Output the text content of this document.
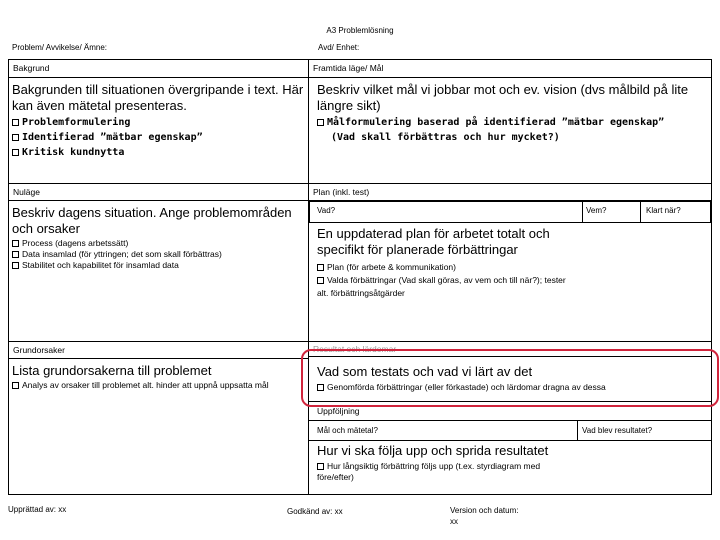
A3 Problemlösning
Problem/ Avvikelse/ Ämne:	Avd/ Enhet:
Bakgrund
Bakgrunden till situationen övergripande i text. Här kan även mätetal presenteras.
Problemformulering
Identifierad ”mätbar egenskap”
Kritisk kundnytta
Nuläge
Beskriv dagens situation. Ange problemområden och orsaker
Process (dagens arbetssätt)
Data insamlad (för yttringen; det som skall förbättras)
Stabilitet och kapabilitet för insamlad data
Grundorsaker
Lista grundorsakerna till problemet
Analys av orsaker till problemet alt. hinder att uppnå uppsatta mål
Framtida läge/ Mål
Beskriv vilket mål vi jobbar mot och ev. vision (dvs målbild på lite längre sikt)
Målformulering baserad på identifierad ”mätbar egenskap”
(Vad skall förbättras och hur mycket?)
Plan (inkl. test)
Vad?	Vem?	Klart när?
En uppdaterad plan för arbetet totalt och specifikt för planerade förbättringar
Plan (för arbete & kommunikation)
Valda förbättringar (Vad skall göras, av vem och till när?); tester alt. förbättringsåtgärder
Resultat och lärdomar
Vad som testats och vad vi lärt av det
Genomförda förbättringar (eller förkastade) och lärdomar dragna av dessa
Uppföljning
Mål och mätetal?	Vad blev resultatet?
Hur vi ska följa upp och sprida resultatet
Hur långsiktig förbättring följs upp (t.ex. styrdiagram med före/efter)
Upprättad av: xx	Godkänd av: xx	Version och datum:
xx
